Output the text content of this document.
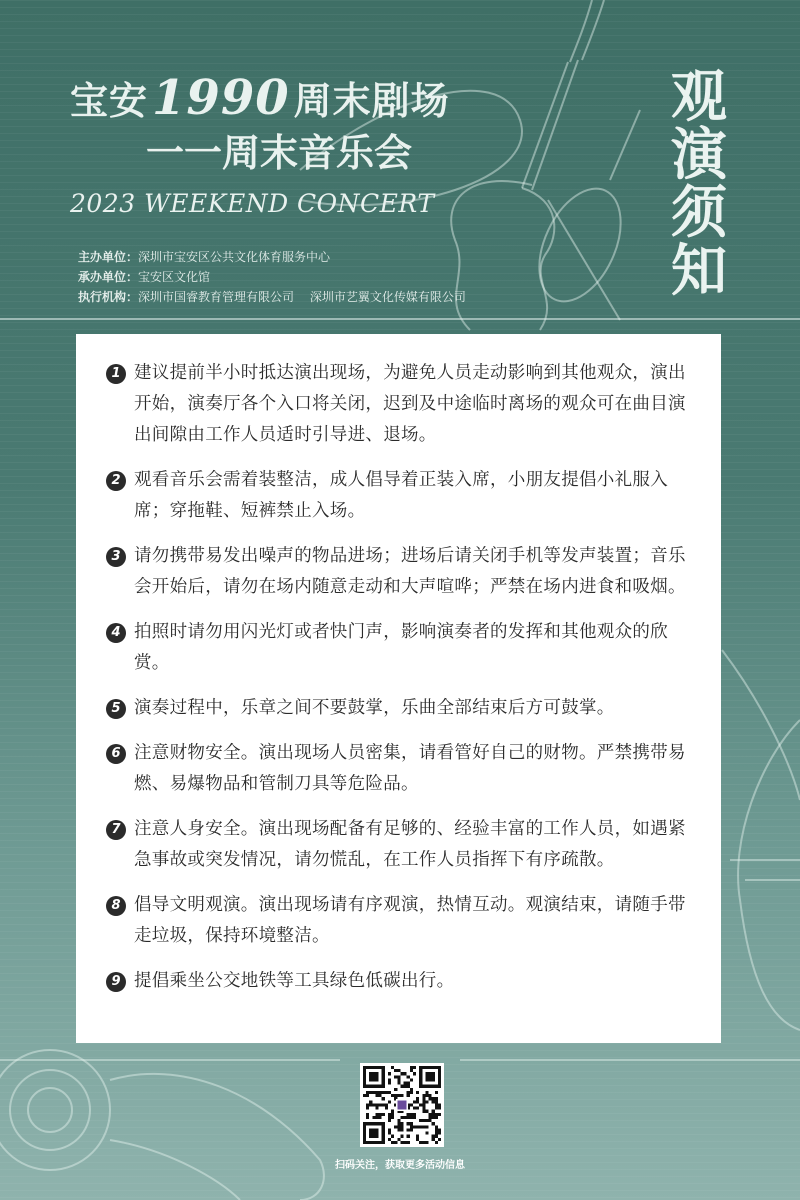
宝安1990 周末剧场
一一周末音乐会
2023 WEEKEND CONCERT
观
演
须
知
主办单位：深圳市宝安区公共文化体育服务中心
承办单位：宝安区文化馆
执行机构：深圳市国睿教育管理有限公司　 深圳市艺翼文化传媒有限公司
1 建议提前半小时抵达演出现场，为避免人员走动影响到其他观众，演出开始，演奏厅各个入口将关闭，迟到及中途临时离场的观众可在曲目演出间隙由工作人员适时引导进、退场。
2 观看音乐会需着装整洁，成人倡导着正装入席，小朋友提倡小礼服入席；穿拖鞋、短裤禁止入场。
3 请勿携带易发出噪声的物品进场；进场后请关闭手机等发声装置；音乐会开始后，请勿在场内随意走动和大声喧哗；严禁在场内进食和吸烟。
4 拍照时请勿用闪光灯或者快门声，影响演奏者的发挥和其他观众的欣赏。
5 演奏过程中，乐章之间不要鼓掌，乐曲全部结束后方可鼓掌。
6 注意财物安全。演出现场人员密集，请看管好自己的财物。严禁携带易燃、易爆物品和管制刀具等危险品。
7 注意人身安全。演出现场配备有足够的、经验丰富的工作人员，如遇紧急事故或突发情况，请勿慌乱，在工作人员指挥下有序疏散。
8 倡导文明观演。演出现场请有序观演，热情互动。观演结束，请随手带走垃圾，保持环境整洁。
9 提倡乘坐公交地铁等工具绿色低碳出行。
扫码关注，获取更多活动信息
